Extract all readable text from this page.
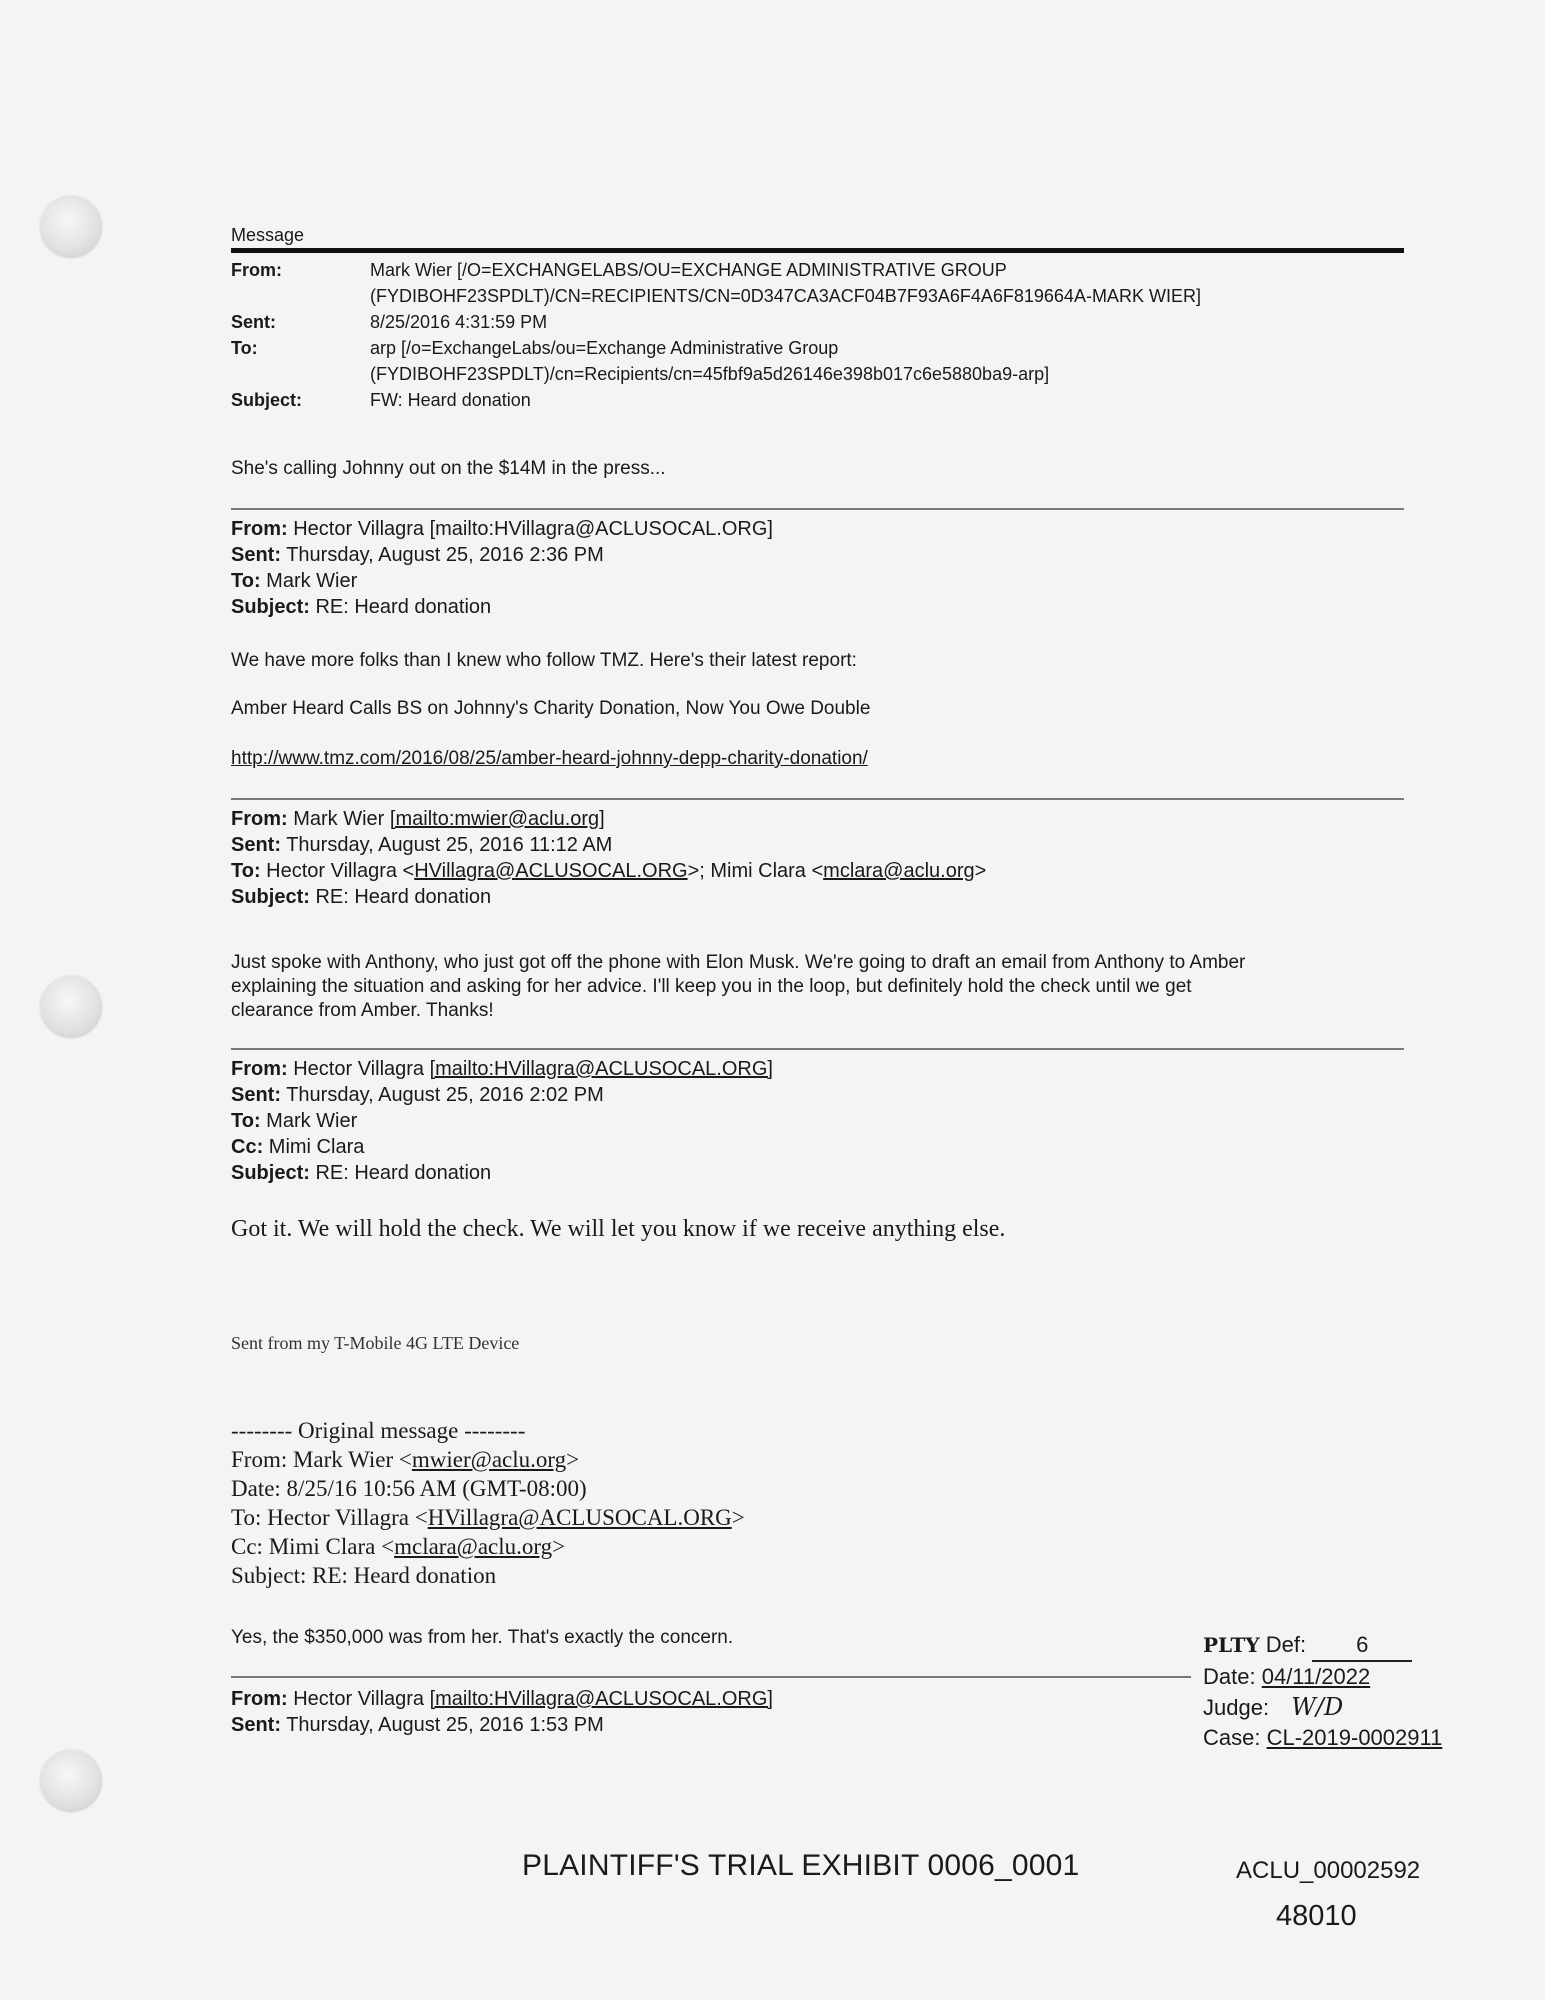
Message
From:	Mark Wier [/O=EXCHANGELABS/OU=EXCHANGE ADMINISTRATIVE GROUP
(FYDIBOHF23SPDLT)/CN=RECIPIENTS/CN=0D347CA3ACF04B7F93A6F4A6F819664A-MARK WIER]
Sent:	8/25/2016 4:31:59 PM
To:	arp [/o=ExchangeLabs/ou=Exchange Administrative Group
(FYDIBOHF23SPDLT)/cn=Recipients/cn=45fbf9a5d26146e398b017c6e5880ba9-arp]
Subject:	FW: Heard donation
She's calling Johnny out on the $14M in the press...
From: Hector Villagra [mailto:HVillagra@ACLUSOCAL.ORG]
Sent: Thursday, August 25, 2016 2:36 PM
To: Mark Wier
Subject: RE: Heard donation
We have more folks than I knew who follow TMZ. Here's their latest report:
Amber Heard Calls BS on Johnny's Charity Donation, Now You Owe Double
http://www.tmz.com/2016/08/25/amber-heard-johnny-depp-charity-donation/
From: Mark Wier [mailto:mwier@aclu.org]
Sent: Thursday, August 25, 2016 11:12 AM
To: Hector Villagra <HVillagra@ACLUSOCAL.ORG>; Mimi Clara <mclara@aclu.org>
Subject: RE: Heard donation
Just spoke with Anthony, who just got off the phone with Elon Musk. We're going to draft an email from Anthony to Amber
explaining the situation and asking for her advice. I'll keep you in the loop, but definitely hold the check until we get
clearance from Amber. Thanks!
From: Hector Villagra [mailto:HVillagra@ACLUSOCAL.ORG]
Sent: Thursday, August 25, 2016 2:02 PM
To: Mark Wier
Cc: Mimi Clara
Subject: RE: Heard donation
Got it. We will hold the check. We will let you know if we receive anything else.
Sent from my T-Mobile 4G LTE Device
-------- Original message --------
From: Mark Wier <mwier@aclu.org>
Date: 8/25/16 10:56 AM (GMT-08:00)
To: Hector Villagra <HVillagra@ACLUSOCAL.ORG>
Cc: Mimi Clara <mclara@aclu.org>
Subject: RE: Heard donation
Yes, the $350,000 was from her. That's exactly the concern.
From: Hector Villagra [mailto:HVillagra@ACLUSOCAL.ORG]
Sent: Thursday, August 25, 2016 1:53 PM
PLTY Def: 6
Date: 04/11/2022
Judge: W/D
Case: CL-2019-0002911
PLAINTIFF'S TRIAL EXHIBIT 0006_0001	ACLU_00002592
48010
